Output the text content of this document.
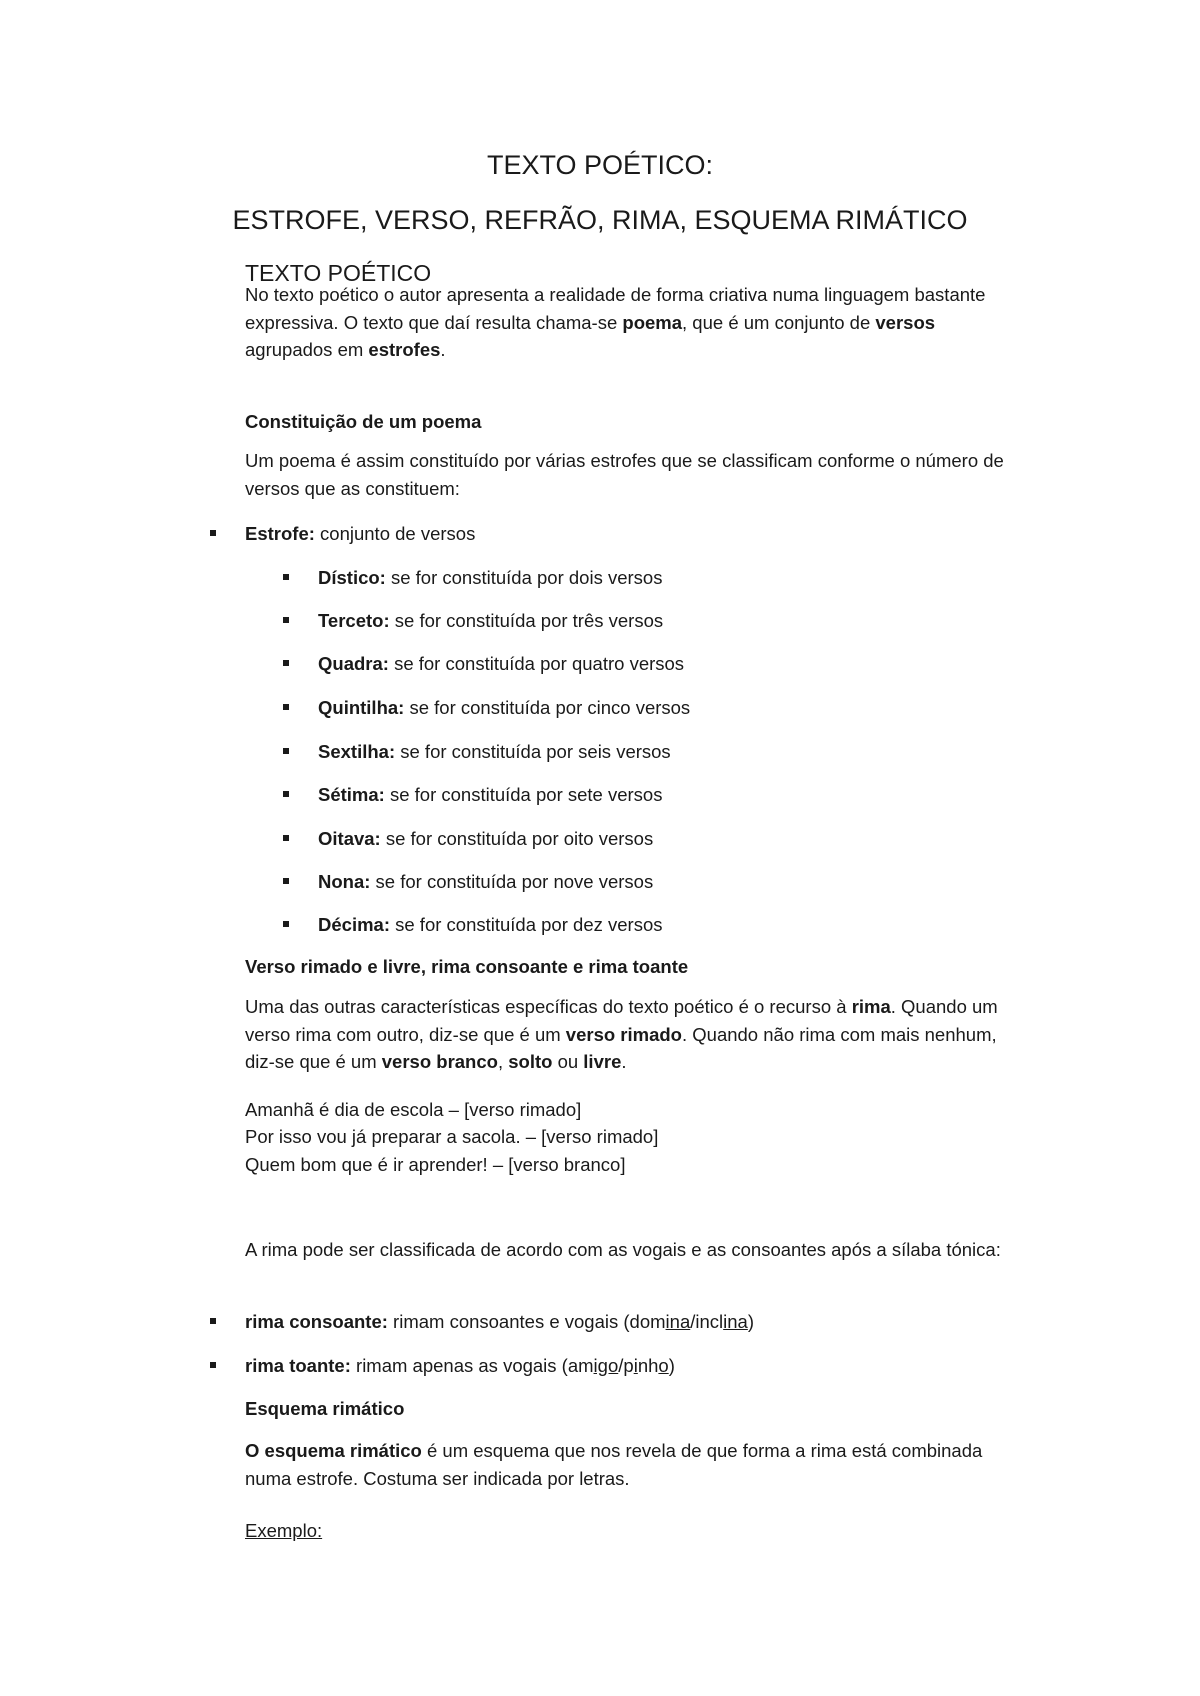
TEXTO POÉTICO:
ESTROFE, VERSO, REFRÃO, RIMA, ESQUEMA RIMÁTICO
TEXTO POÉTICO
No texto poético o autor apresenta a realidade de forma criativa numa linguagem bastante expressiva. O texto que daí resulta chama-se poema, que é um conjunto de versos agrupados em estrofes.
Constituição de um poema
Um poema é assim constituído por várias estrofes que se classificam conforme o número de versos que as constituem:
Estrofe: conjunto de versos
Dístico: se for constituída por dois versos
Terceto: se for constituída por três versos
Quadra: se for constituída por quatro versos
Quintilha: se for constituída por cinco versos
Sextilha: se for constituída por seis versos
Sétima: se for constituída por sete versos
Oitava: se for constituída por oito versos
Nona: se for constituída por nove versos
Décima: se for constituída por dez versos
Verso rimado e livre, rima consoante e rima toante
Uma das outras características específicas do texto poético é o recurso à rima. Quando um verso rima com outro, diz-se que é um verso rimado. Quando não rima com mais nenhum, diz-se que é um verso branco, solto ou livre.
Amanhã é dia de escola – [verso rimado]
Por isso vou já preparar a sacola. – [verso rimado]
Quem bom que é ir aprender! – [verso branco]
A rima pode ser classificada de acordo com as vogais e as consoantes após a sílaba tónica:
rima consoante: rimam consoantes e vogais (domina/inclina)
rima toante: rimam apenas as vogais (amigo/pinho)
Esquema rimático
O esquema rimático é um esquema que nos revela de que forma a rima está combinada numa estrofe. Costuma ser indicada por letras.
Exemplo:
